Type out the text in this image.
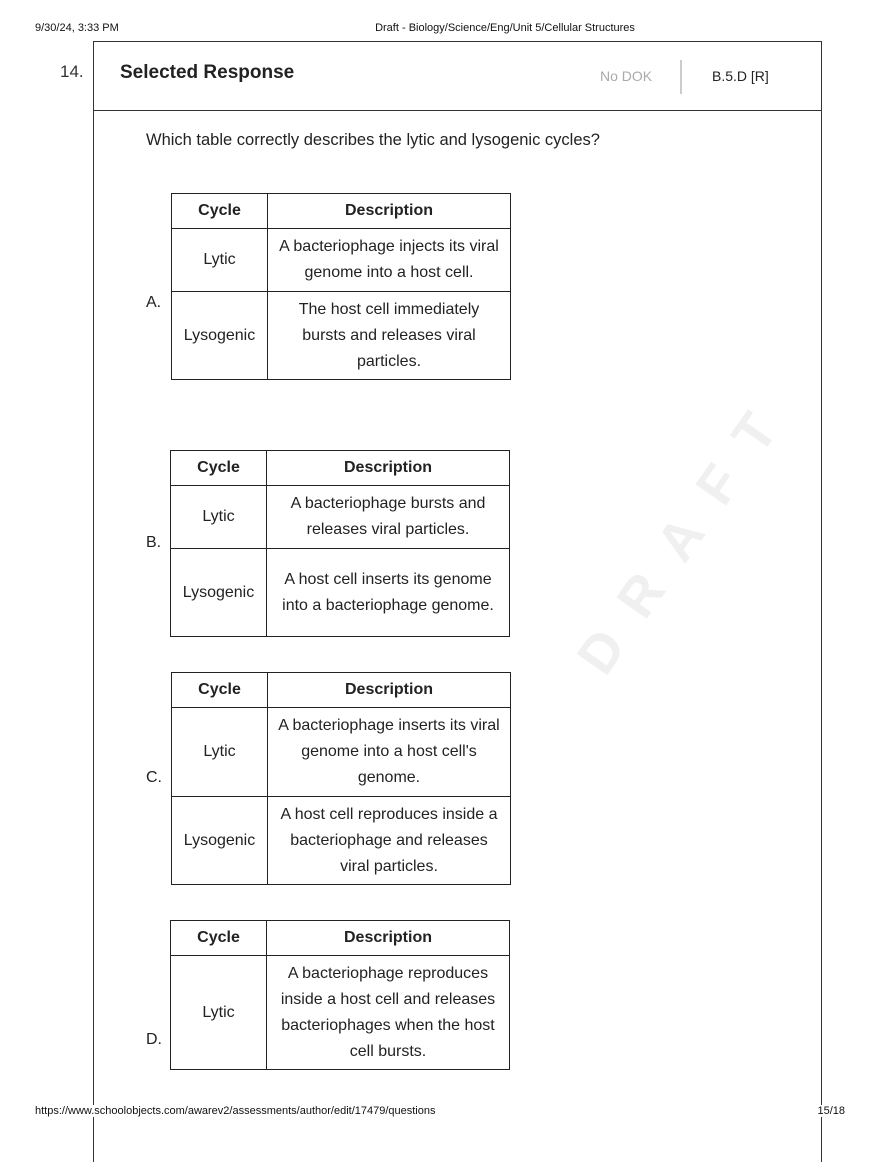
9/30/24, 3:33 PM	Draft - Biology/Science/Eng/Unit 5/Cellular Structures
14. Selected Response	No DOK	B.5.D [R]
DRAFT
Which table correctly describes the lytic and lysogenic cycles?
A.
Cycle	Description
Lytic	A bacteriophage injects its viral genome into a host cell.
Lysogenic	The host cell immediately bursts and releases viral particles.
B.
Cycle	Description
Lytic	A bacteriophage bursts and releases viral particles.
Lysogenic	A host cell inserts its genome into a bacteriophage genome.
C.
Cycle	Description
Lytic	A bacteriophage inserts its viral genome into a host cell's genome.
Lysogenic	A host cell reproduces inside a bacteriophage and releases viral particles.
D.
Cycle	Description
Lytic	A bacteriophage reproduces inside a host cell and releases bacteriophages when the host cell bursts.
https://www.schoolobjects.com/awarev2/assessments/author/edit/17479/questions	15/18
